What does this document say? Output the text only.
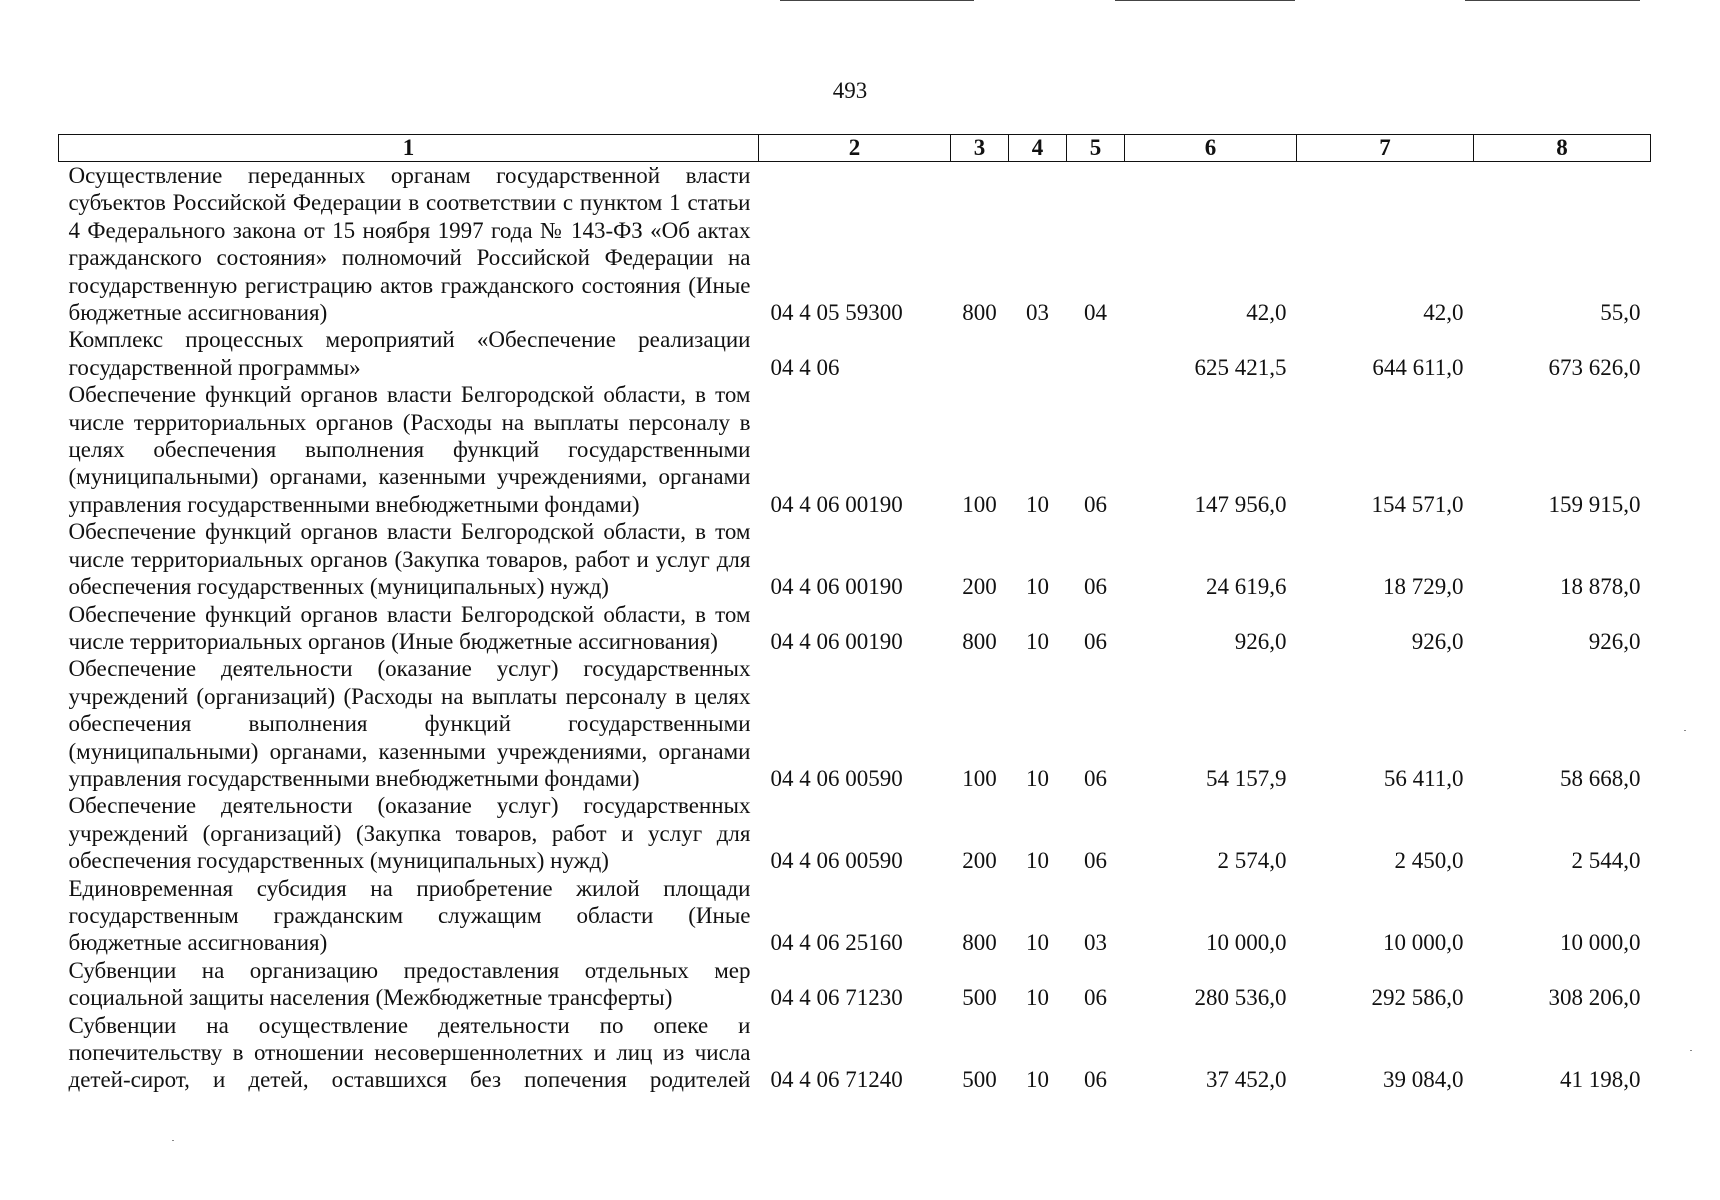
493
1	2	3	4	5	6	7	8
Осуществление переданных органам государственной власти субъектов Российской Федерации в соответствии с пунктом 1 статьи 4 Федерального закона от 15 ноября 1997 года № 143-ФЗ «Об актах гражданского состояния» полномочий Российской Федерации на государственную регистрацию актов гражданского состояния (Иные бюджетные ассигнования)	04 4 05 59300	800	03	04	42,0	42,0	55,0
Комплекс процессных мероприятий «Обеспечение реализации государственной программы»	04 4 06				625 421,5	644 611,0	673 626,0
Обеспечение функций органов власти Белгородской области, в том числе территориальных органов (Расходы на выплаты персоналу в целях обеспечения выполнения функций государственными (муниципальными) органами, казенными учреждениями, органами управления государственными внебюджетными фондами)	04 4 06 00190	100	10	06	147 956,0	154 571,0	159 915,0
Обеспечение функций органов власти Белгородской области, в том числе территориальных органов (Закупка товаров, работ и услуг для обеспечения государственных (муниципальных) нужд)	04 4 06 00190	200	10	06	24 619,6	18 729,0	18 878,0
Обеспечение функций органов власти Белгородской области, в том числе территориальных органов (Иные бюджетные ассигнования)	04 4 06 00190	800	10	06	926,0	926,0	926,0
Обеспечение деятельности (оказание услуг) государственных учреждений (организаций) (Расходы на выплаты персоналу в целях обеспечения выполнения функций государственными (муниципальными) органами, казенными учреждениями, органами управления государственными внебюджетными фондами)	04 4 06 00590	100	10	06	54 157,9	56 411,0	58 668,0
Обеспечение деятельности (оказание услуг) государственных учреждений (организаций) (Закупка товаров, работ и услуг для обеспечения государственных (муниципальных) нужд)	04 4 06 00590	200	10	06	2 574,0	2 450,0	2 544,0
Единовременная субсидия на приобретение жилой площади государственным гражданским служащим области (Иные бюджетные ассигнования)	04 4 06 25160	800	10	03	10 000,0	10 000,0	10 000,0
Субвенции на организацию предоставления отдельных мер социальной защиты населения (Межбюджетные трансферты)	04 4 06 71230	500	10	06	280 536,0	292 586,0	308 206,0
Субвенции на осуществление деятельности по опеке и попечительству в отношении несовершеннолетних и лиц из числа детей-сирот, и детей, оставшихся без попечения родителей	04 4 06 71240	500	10	06	37 452,0	39 084,0	41 198,0
